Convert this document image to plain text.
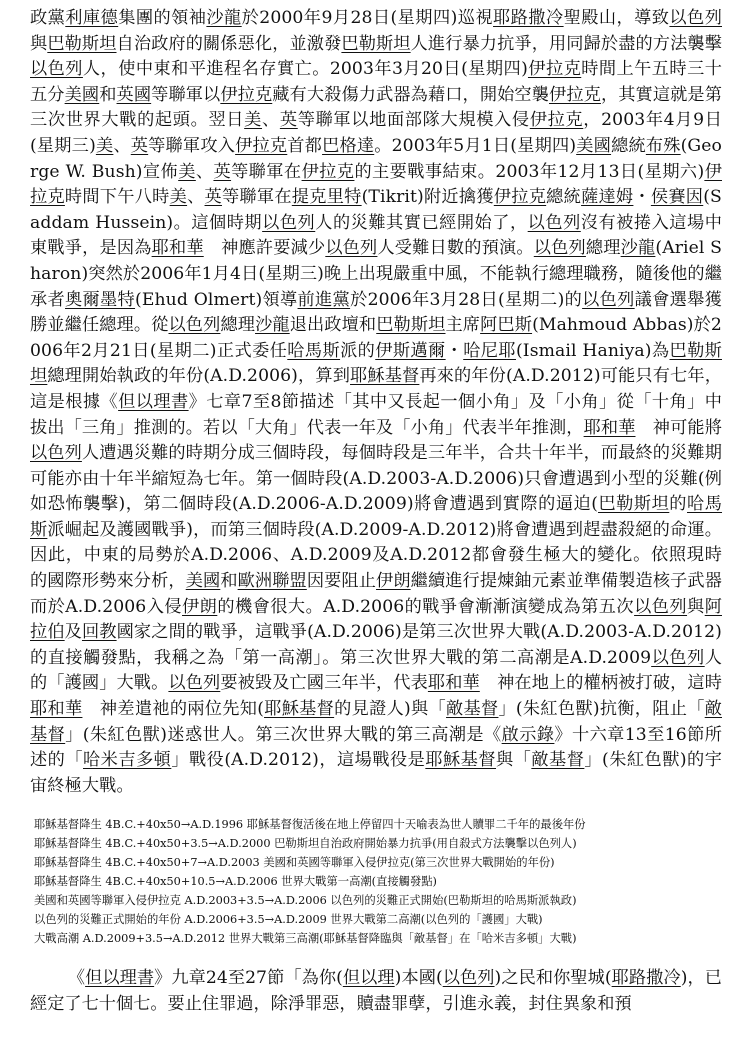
政黨利庫德集團的領袖沙龍於2000年9月28日(星期四)巡視耶路撒冷聖殿山，導致以色列與巴勒斯坦自治政府的關係惡化，並激發巴勒斯坦人進行暴力抗爭，用同歸於盡的方法襲擊以色列人，使中東和平進程名存實亡。2003年3月20日(星期四)伊拉克時間上午五時三十五分美國和英國等聯軍以伊拉克藏有大殺傷力武器為藉口，開始空襲伊拉克，其實這就是第三次世界大戰的起頭。翌日美、英等聯軍以地面部隊大規模入侵伊拉克，2003年4月9日(星期三)美、英等聯軍攻入伊拉克首都巴格達。2003年5月1日(星期四)美國總統布殊(George W. Bush)宣佈美、英等聯軍在伊拉克的主要戰事結束。2003年12月13日(星期六)伊拉克時間下午八時美、英等聯軍在提克里特(Tikrit)附近擒獲伊拉克總統薩達姆・侯賽因(Saddam Hussein)。這個時期以色列人的災難其實已經開始了，以色列沒有被捲入這場中東戰爭，是因為耶和華　神應許要減少以色列人受難日數的預演。以色列總理沙龍(Ariel Sharon)突然於2006年1月4日(星期三)晚上出現嚴重中風，不能執行總理職務，隨後他的繼承者奧爾墨特(Ehud Olmert)領導前進黨於2006年3月28日(星期二)的以色列議會選舉獲勝並繼任總理。從以色列總理沙龍退出政壇和巴勒斯坦主席阿巴斯(Mahmoud Abbas)於2006年2月21日(星期二)正式委任哈馬斯派的伊斯邁爾・哈尼耶(Ismail Haniya)為巴勒斯坦總理開始執政的年份(A.D.2006)，算到耶穌基督再來的年份(A.D.2012)可能只有七年，這是根據《但以理書》七章7至8節描述「其中又長起一個小角」及「小角」從「十角」中拔出「三角」推測的。若以「大角」代表一年及「小角」代表半年推測，耶和華　神可能將以色列人遭遇災難的時期分成三個時段，每個時段是三年半，合共十年半，而最終的災難期可能亦由十年半縮短為七年。第一個時段(A.D.2003-A.D.2006)只會遭遇到小型的災難(例如恐怖襲擊)，第二個時段(A.D.2006-A.D.2009)將會遭遇到實際的逼迫(巴勒斯坦的哈馬斯派崛起及護國戰爭)，而第三個時段(A.D.2009-A.D.2012)將會遭遇到趕盡殺絕的命運。因此，中東的局勢於A.D.2006、A.D.2009及A.D.2012都會發生極大的變化。依照現時的國際形勢來分析，美國和歐洲聯盟因要阻止伊朗繼續進行提煉鈾元素並準備製造核子武器而於A.D.2006入侵伊朗的機會很大。A.D.2006的戰爭會漸漸演變成為第五次以色列與阿拉伯及回教國家之間的戰爭，這戰爭(A.D.2006)是第三次世界大戰(A.D.2003-A.D.2012)的直接觸發點，我稱之為「第一高潮」。第三次世界大戰的第二高潮是A.D.2009以色列人的「護國」大戰。以色列要被毀及亡國三年半，代表耶和華　神在地上的權柄被打破，這時耶和華　神差遣祂的兩位先知(耶穌基督的見證人)與「敵基督」(朱紅色獸)抗衡，阻止「敵基督」(朱紅色獸)迷惑世人。第三次世界大戰的第三高潮是《啟示錄》十六章13至16節所述的「哈米吉多頓」戰役(A.D.2012)，這場戰役是耶穌基督與「敵基督」(朱紅色獸)的宇宙終極大戰。

耶穌基督降生 4B.C.+40x50→A.D.1996 耶穌基督復活後在地上停留四十天喻表為世人贖罪二千年的最後年份
耶穌基督降生 4B.C.+40x50+3.5→A.D.2000 巴勒斯坦自治政府開始暴力抗爭(用自殺式方法襲擊以色列人)
耶穌基督降生 4B.C.+40x50+7→A.D.2003 美國和英國等聯軍入侵伊拉克(第三次世界大戰開始的年份)
耶穌基督降生 4B.C.+40x50+10.5→A.D.2006 世界大戰第一高潮(直接觸發點)
美國和英國等聯軍入侵伊拉克 A.D.2003+3.5→A.D.2006 以色列的災難正式開始(巴勒斯坦的哈馬斯派執政)
以色列的災難正式開始的年份 A.D.2006+3.5→A.D.2009 世界大戰第二高潮(以色列的「護國」大戰)
大戰高潮 A.D.2009+3.5→A.D.2012 世界大戰第三高潮(耶穌基督降臨與「敵基督」在「哈米吉多頓」大戰)

《但以理書》九章24至27節「為你(但以理)本國(以色列)之民和你聖城(耶路撒冷)，已經定了七十個七。要止住罪過，除淨罪惡，贖盡罪孽，引進永義，封住異象和預
